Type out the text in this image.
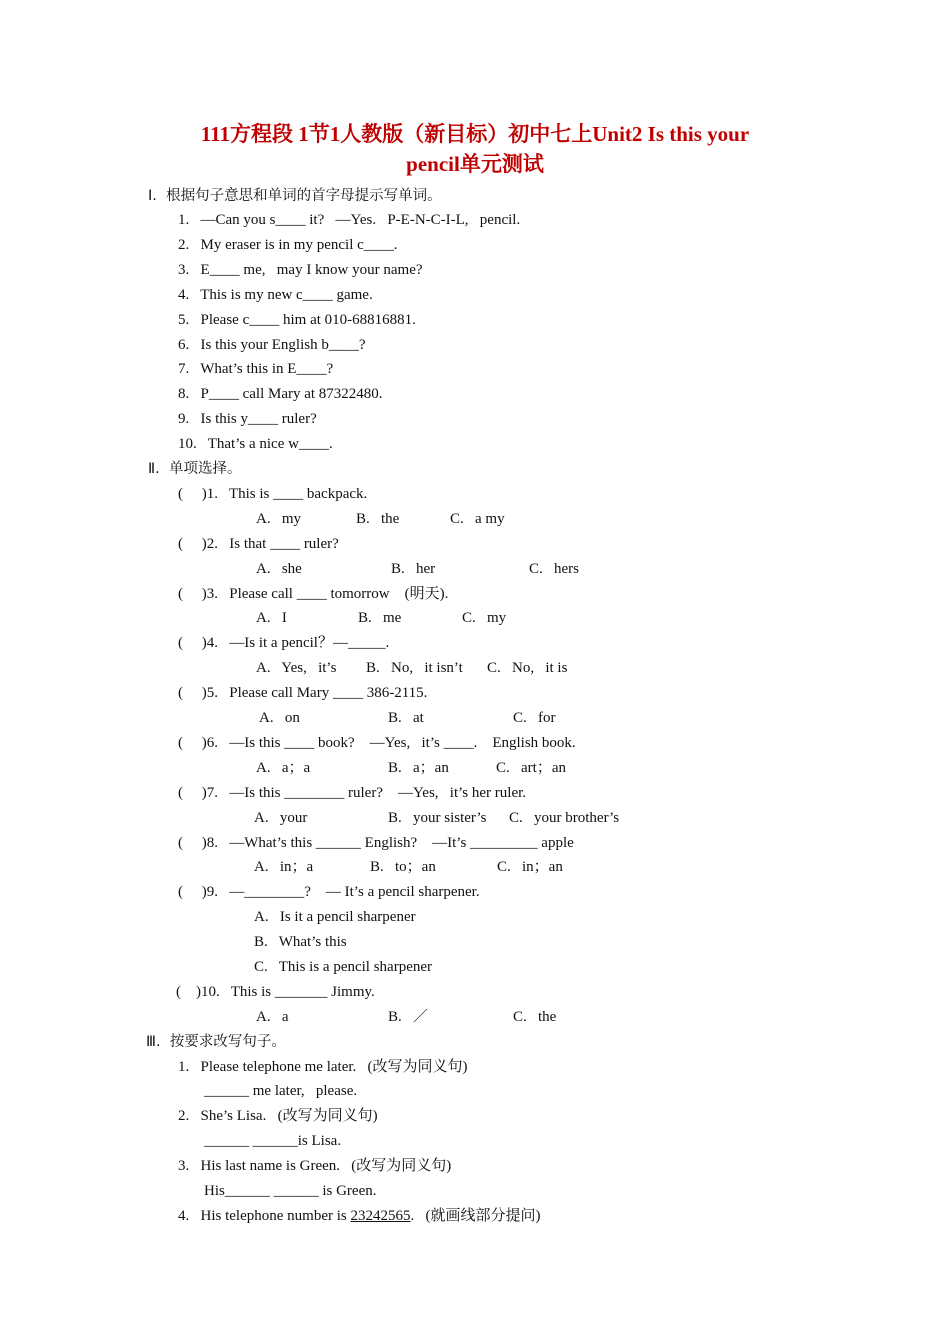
111方程段 1节1人教版（新目标）初中七上Unit2 Is this your
pencil单元测试
Ⅰ.  根据句子意思和单词的首字母提示写单词。
1.   —Can you s____ it?   —Yes.   P-E-N-C-I-L,   pencil.
2.   My eraser is in my pencil c____.
3.   E____ me,   may I know your name?
4.   This is my new c____ game.
5.   Please c____ him at 010-68816881.
6.   Is this your English b____?
7.   What’s this in E____?
8.   P____ call Mary at 87322480.
9.   Is this y____ ruler?
10.   That’s a nice w____.
Ⅱ.  单项选择。
(     )1.   This is ____ backpack.
A.   my	B.   the	C.   a my
(     )2.   Is that ____ ruler?
A.   she	B.   her	C.   hers
(     )3.   Please call ____ tomorrow    (明天).
A.   I	B.   me	C.   my
(     )4.   —Is it a pencil？—_____.
A.   Yes,   it’s B.   No,   it isn’t C.   No,   it is
(     )5.   Please call Mary ____ 386-2115.
A.   on	B.   at	C.   for
(     )6.   —Is this ____ book?    —Yes,   it’s ____.    English book.
A.   a；a	B.   a；an	C.   art；an
(     )7.   —Is this ________ ruler?    —Yes,   it’s her ruler.
A.   your	B.   your sister’s C.   your brother’s
(     )8.   —What’s this ______ English?    —It’s _________ apple
A.   in；a	B.   to；an	C.   in；an
(     )9.   —________?    — It’s a pencil sharpener.
A.   Is it a pencil sharpener
B.   What’s this
C.   This is a pencil sharpener
(    )10.   This is _______ Jimmy.
A.   a	B.   ／	C.   the
Ⅲ.  按要求改写句子。
1.   Please telephone me later.   (改写为同义句)
______ me later,   please.
2.   She’s Lisa.   (改写为同义句)
______ ______is Lisa.
3.   His last name is Green.   (改写为同义句)
His______ ______ is Green.
4.   His telephone number is 23242565.   (就画线部分提问)
